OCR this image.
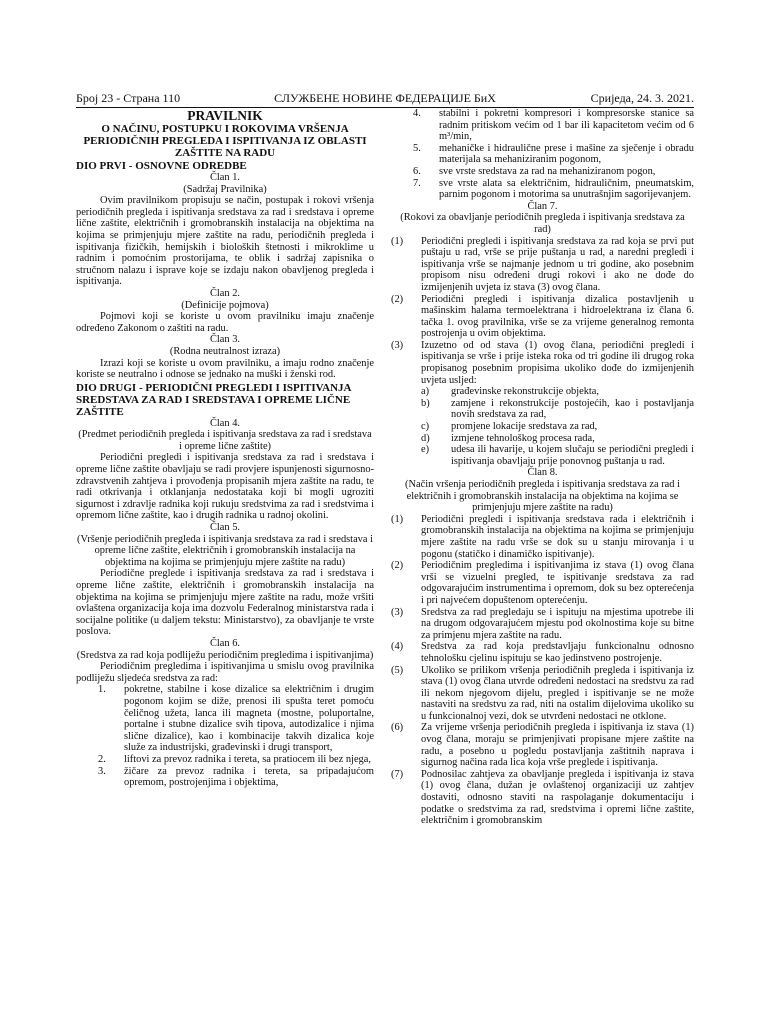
Број 23 - Страна 110	СЛУЖБЕНЕ НОВИНЕ ФЕДЕРАЦИЈЕ БиХ	Сриједа, 24. 3. 2021.

PRAVILNIK

O NAČINU, POSTUPKU I ROKOVIMA VRŠENJA PERIODIČNIH PREGLEDA I ISPITIVANJA IZ OBLASTI ZAŠTITE NA RADU

DIO PRVI - OSNOVNE ODREDBE

Član 1.

(Sadržaj Pravilnika)

Ovim pravilnikom propisuju se način, postupak i rokovi vršenja periodičnih pregleda i ispitivanja sredstava za rad i sredstava i opreme lične zaštite, električnih i gromobranskih instalacija na objektima na kojima se primjenjuju mjere zaštite na radu, periodičnih pregleda i ispitivanja fizičkih, hemijskih i bioloških štetnosti i mikroklime u radnim i pomoćnim prostorijama, te oblik i sadržaj zapisnika o stručnom nalazu i isprave koje se izdaju nakon obavljenog pregleda i ispitivanja.

Član 2.

(Definicije pojmova)

Pojmovi koji se koriste u ovom pravilniku imaju značenje određeno Zakonom o zaštiti na radu.

Član 3.

(Rodna neutralnost izraza)

Izrazi koji se koriste u ovom pravilniku, a imaju rodno značenje koriste se neutralno i odnose se jednako na muški i ženski rod.

DIO DRUGI - PERIODIČNI PREGLEDI I ISPITIVANJA SREDSTAVA ZA RAD I SREDSTAVA I OPREME LIČNE ZAŠTITE

Član 4.

(Predmet periodičnih pregleda i ispitivanja sredstava za rad i sredstava i opreme lične zaštite)

Periodični pregledi i ispitivanja sredstava za rad i sredstava i opreme lične zaštite obavljaju se radi provjere ispunjenosti sigurnosno-zdravstvenih zahtjeva i provođenja propisanih mjera zaštite na radu, te radi otkrivanja i otklanjanja nedostataka koji bi mogli ugroziti sigurnost i zdravlje radnika koji rukuju sredstvima za rad i sredstvima i opremom lične zaštite, kao i drugih radnika u radnoj okolini.

Član 5.

(Vršenje periodičnih pregleda i ispitivanja sredstava za rad i sredstava i opreme lične zaštite, električnih i gromobranskih instalacija na objektima na kojima se primjenjuju mjere zaštite na radu)

Periodične preglede i ispitivanja sredstava za rad i sredstava i opreme lične zaštite, električnih i gromobranskih instalacija na objektima na kojima se primjenjuju mjere zaštite na radu, može vršiti ovlaštena organizacija koja ima dozvolu Federalnog ministarstva rada i socijalne politike (u daljem tekstu: Ministarstvo), za obavljanje te vrste poslova.

Član 6.

(Sredstva za rad koja podliježu periodičnim pregledima i ispitivanjima)

Periodičnim pregledima i ispitivanjima u smislu ovog pravilnika podliježu sljedeća sredstva za rad:

1.	pokretne, stabilne i kose dizalice sa električnim i drugim pogonom kojim se diže, prenosi ili spušta teret pomoću čeličnog užeta, lanca ili magneta (mostne, poluportalne, portalne i stubne dizalice svih tipova, autodizalice i njima slične dizalice), kao i kombinacije takvih dizalica koje služe za industrijski, građevinski i drugi transport,
2.	liftovi za prevoz radnika i tereta, sa pratiocem ili bez njega,
3.	žičare za prevoz radnika i tereta, sa pripadajućom opremom, postrojenjima i objektima,
4.	stabilni i pokretni kompresori i kompresorske stanice sa radnim pritiskom većim od 1 bar ili kapacitetom većim od 6 m³/min,
5.	mehaničke i hidraulične prese i mašine za sječenje i obradu materijala sa mehaniziranim pogonom,
6.	sve vrste sredstava za rad na mehaniziranom pogon,
7.	sve vrste alata sa električnim, hidrauličnim, pneumatskim, parnim pogonom i motorima sa unutrašnjim sagorijevanjem.

Član 7.

(Rokovi za obavljanje periodičnih pregleda i ispitivanja sredstava za rad)

(1)	Periodični pregledi i ispitivanja sredstava za rad koja se prvi put puštaju u rad, vrše se prije puštanja u rad, a naredni pregledi i ispitivanja vrše se najmanje jednom u tri godine, ako posebnim propisom nisu određeni drugi rokovi i ako ne dođe do izmijenjenih uvjeta iz stava (3) ovog člana.
(2)	Periodični pregledi i ispitivanja dizalica postavljenih u mašinskim halama termoelektrana i hidroelektrana iz člana 6. tačka 1. ovog pravilnika, vrše se za vrijeme generalnog remonta postrojenja u ovim objektima.
(3)	Izuzetno od od stava (1) ovog člana, periodični pregledi i ispitivanja se vrše i prije isteka roka od tri godine ili drugog roka propisanog posebnim propisima ukoliko dođe do izmijenjenih uvjeta usljed:
a)	građevinske rekonstrukcije objekta,
b)	zamjene i rekonstrukcije postojećih, kao i postavljanja novih sredstava za rad,
c)	promjene lokacije sredstava za rad,
d)	izmjene tehnološkog procesa rada,
e)	udesa ili havarije, u kojem slučaju se periodični pregledi i ispitivanja obavljaju prije ponovnog puštanja u rad.

Član 8.

(Način vršenja periodičnih pregleda i ispitivanja sredstava za rad i električnih i gromobranskih instalacija na objektima na kojima se primjenjuju mjere zaštite na radu)

(1)	Periodični pregledi i ispitivanja sredstava rada i električnih i gromobranskih instalacija na objektima na kojima se primjenjuju mjere zaštite na radu vrše se dok su u stanju mirovanja i u pogonu (statičko i dinamičko ispitivanje).
(2)	Periodičnim pregledima i ispitivanjima iz stava (1) ovog člana vrši se vizuelni pregled, te ispitivanje sredstava za rad odgovarajućim instrumentima i opremom, dok su bez opterećenja i pri najvećem dopuštenom opterećenju.
(3)	Sredstva za rad pregledaju se i ispituju na mjestima upotrebe ili na drugom odgovarajućem mjestu pod okolnostima koje su bitne za primjenu mjera zaštite na radu.
(4)	Sredstva za rad koja predstavljaju funkcionalnu odnosno tehnološku cjelinu ispituju se kao jedinstveno postrojenje.
(5)	Ukoliko se prilikom vršenja periodičnih pregleda i ispitivanja iz stava (1) ovog člana utvrde određeni nedostaci na sredstvu za rad ili nekom njegovom dijelu, pregled i ispitivanje se ne može nastaviti na sredstvu za rad, niti na ostalim dijelovima ukoliko su u funkcionalnoj vezi, dok se utvrđeni nedostaci ne otklone.
(6)	Za vrijeme vršenja periodičnih pregleda i ispitivanja iz stava (1) ovog člana, moraju se primjenjivati propisane mjere zaštite na radu, a posebno u pogledu postavljanja zaštitnih naprava i sigurnog načina rada lica koja vrše preglede i ispitivanja.
(7)	Podnosilac zahtjeva za obavljanje pregleda i ispitivanja iz stava (1) ovog člana, dužan je ovlaštenoj organizaciji uz zahtjev dostaviti, odnosno staviti na raspolaganje dokumentaciju i podatke o sredstvima za rad, sredstvima i opremi lične zaštite, električnim i gromobranskim
